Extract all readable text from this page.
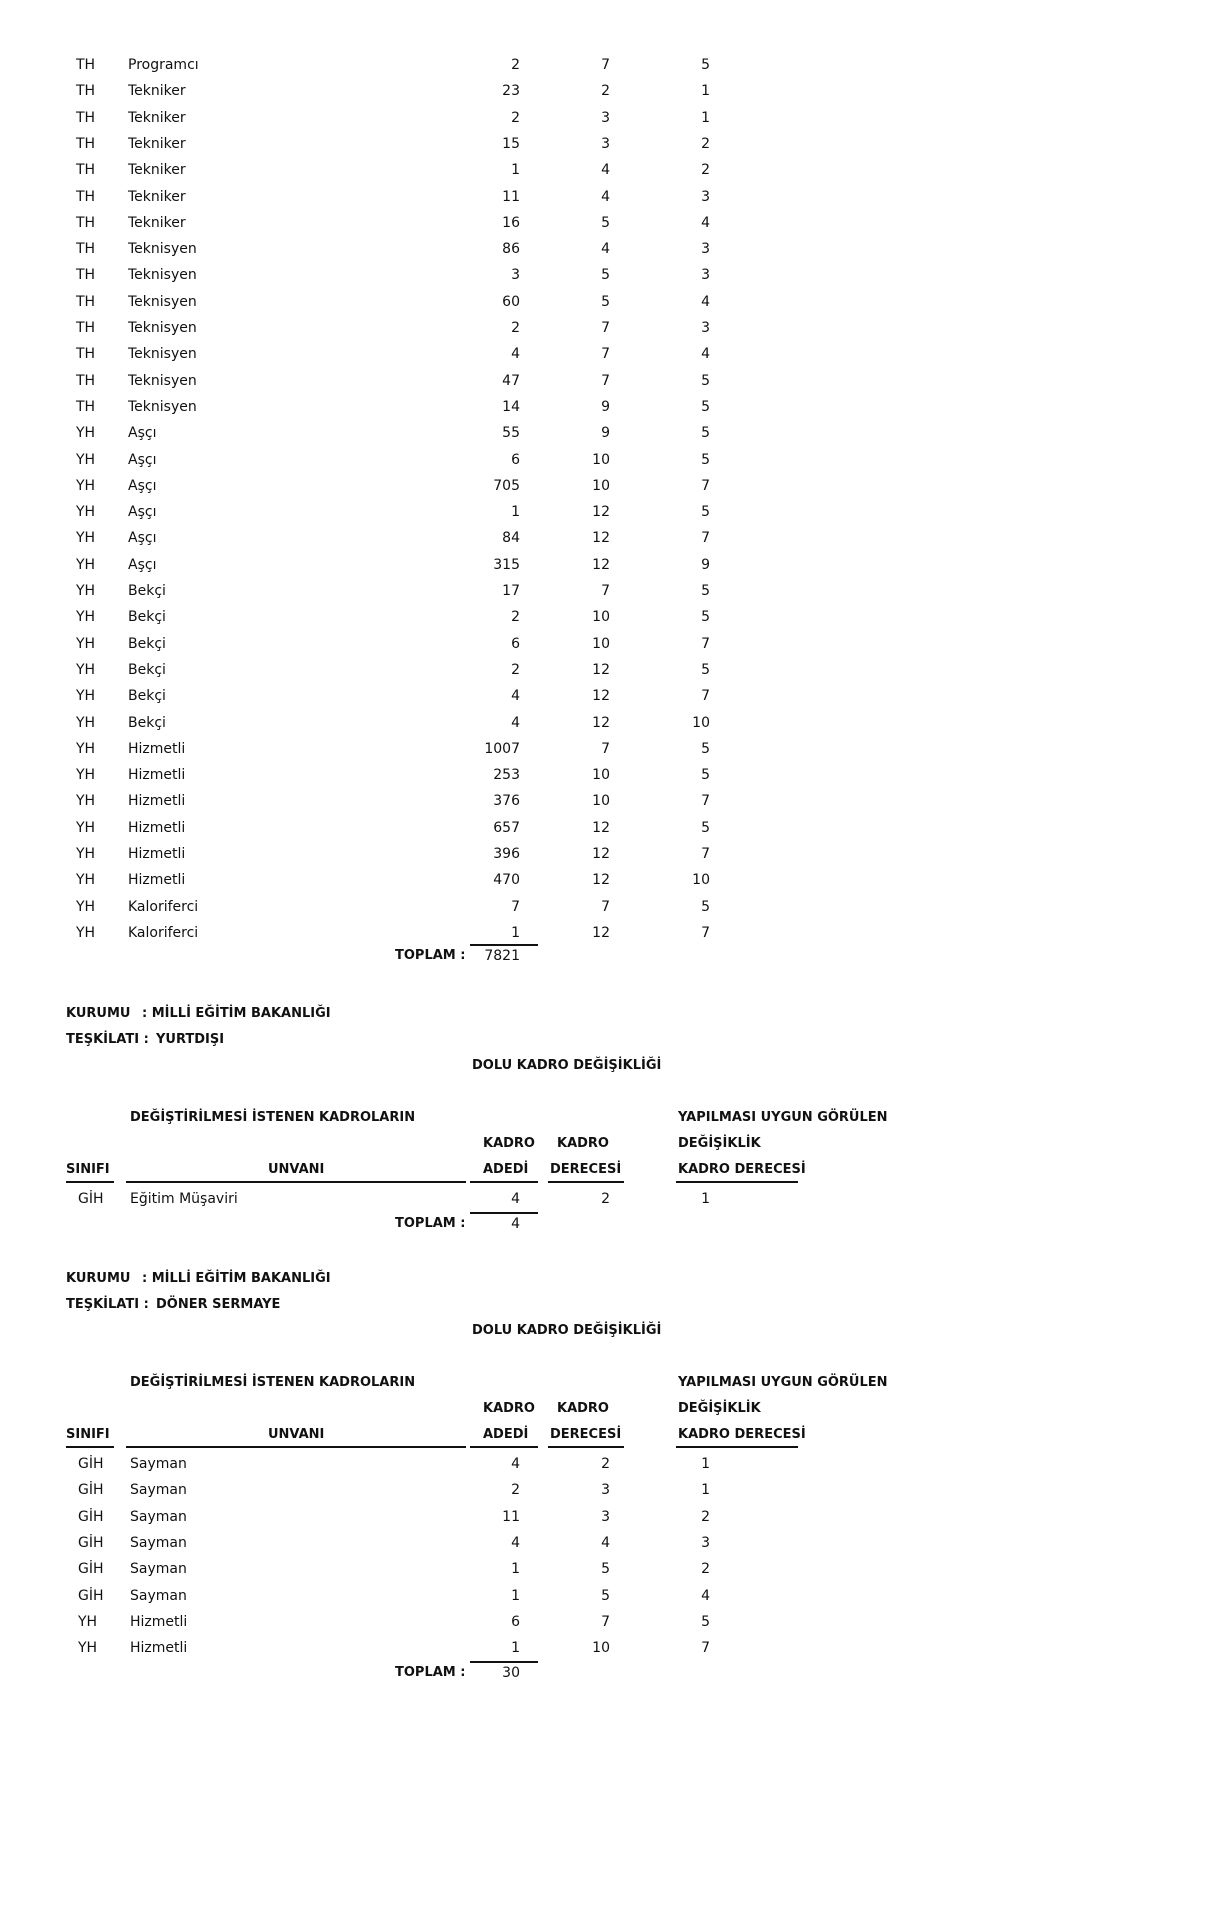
TH Programcı	2	7	5
TH Tekniker	23	2	1
TH Tekniker	2	3	1
TH Tekniker	15	3	2
TH Tekniker	1	4	2
TH Tekniker	11	4	3
TH Tekniker	16	5	4
TH Teknisyen	86	4	3
TH Teknisyen	3	5	3
TH Teknisyen	60	5	4
TH Teknisyen	2	7	3
TH Teknisyen	4	7	4
TH Teknisyen	47	7	5
TH Teknisyen	14	9	5
YH Aşçı	55	9	5
YH Aşçı	6	10	5
YH Aşçı	705	10	7
YH Aşçı	1	12	5
YH Aşçı	84	12	7
YH Aşçı	315	12	9
YH Bekçi	17	7	5
YH Bekçi	2	10	5
YH Bekçi	6	10	7
YH Bekçi	2	12	5
YH Bekçi	4	12	7
YH Bekçi	4	12	10
YH Hizmetli	1007	7	5
YH Hizmetli	253	10	5
YH Hizmetli	376	10	7
YH Hizmetli	657	12	5
YH Hizmetli	396	12	7
YH Hizmetli	470	12	10
YH Kaloriferci	7	7	5
YH Kaloriferci	1	12	7
TOPLAM :	7821
KURUMU : MİLLİ EĞİTİM BAKANLIĞI
TEŞKİLATI : YURTDIŞI
DOLU KADRO DEĞİŞİKLİĞİ
DEĞİŞTİRİLMESİ İSTENEN KADROLARIN	YAPILMASI UYGUN GÖRÜLEN
KADRO KADRO	DEĞİŞİKLİK
SINIFI	UNVANI	ADEDİ DERECESİ	KADRO DERECESİ
GİH Eğitim Müşaviri	4	2	1
TOPLAM :	4
KURUMU : MİLLİ EĞİTİM BAKANLIĞI
TEŞKİLATI : DÖNER SERMAYE
DOLU KADRO DEĞİŞİKLİĞİ
DEĞİŞTİRİLMESİ İSTENEN KADROLARIN	YAPILMASI UYGUN GÖRÜLEN
KADRO KADRO	DEĞİŞİKLİK
SINIFI	UNVANI	ADEDİ DERECESİ	KADRO DERECESİ
GİH Sayman	4	2	1
GİH Sayman	2	3	1
GİH Sayman	11	3	2
GİH Sayman	4	4	3
GİH Sayman	1	5	2
GİH Sayman	1	5	4
YH Hizmetli	6	7	5
YH Hizmetli	1	10	7
TOPLAM :	30
